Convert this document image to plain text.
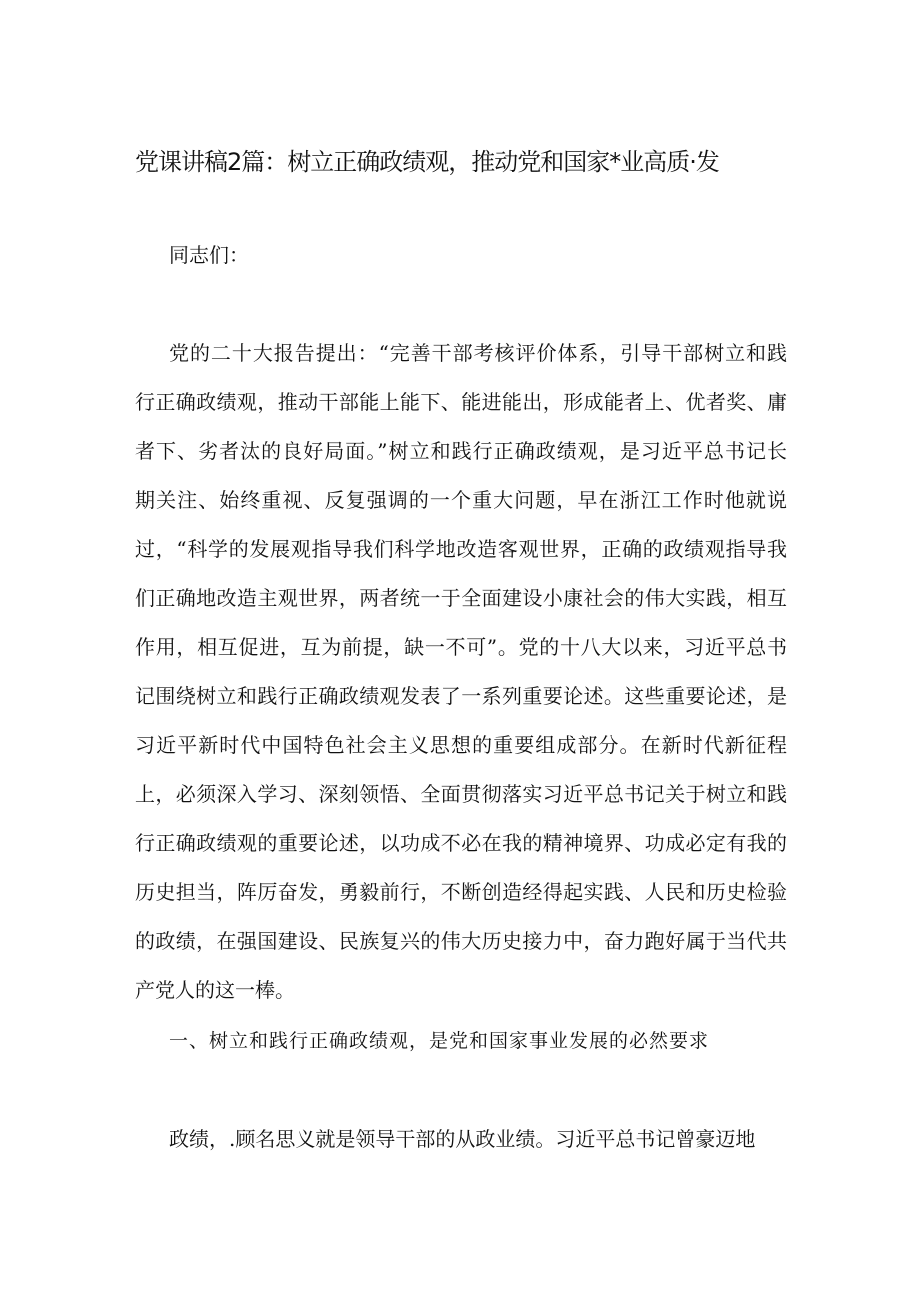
党课讲稿2篇：树立正确政绩观，推动党和国家*业高质·发

同志们：

党的二十大报告提出：“完善干部考核评价体系，引导干部树立和践
行正确政绩观，推动干部能上能下、能进能出，形成能者上、优者奖、庸
者下、劣者汰的良好局面。”树立和践行正确政绩观，是习近平总书记长
期关注、始终重视、反复强调的一个重大问题，早在浙江工作时他就说
过，“科学的发展观指导我们科学地改造客观世界，正确的政绩观指导我
们正确地改造主观世界，两者统一于全面建设小康社会的伟大实践，相互
作用，相互促进，互为前提，缺一不可”。党的十八大以来，习近平总书
记围绕树立和践行正确政绩观发表了一系列重要论述。这些重要论述，是
习近平新时代中国特色社会主义思想的重要组成部分。在新时代新征程
上，必须深入学习、深刻领悟、全面贯彻落实习近平总书记关于树立和践
行正确政绩观的重要论述，以功成不必在我的精神境界、功成必定有我的
历史担当，阵厉奋发，勇毅前行，不断创造经得起实践、人民和历史检验
的政绩，在强国建设、民族复兴的伟大历史接力中，奋力跑好属于当代共
产党人的这一棒。
一、树立和践行正确政绩观，是党和国家事业发展的必然要求

政绩，.顾名思义就是领导干部的从政业绩。习近平总书记曾豪迈地
